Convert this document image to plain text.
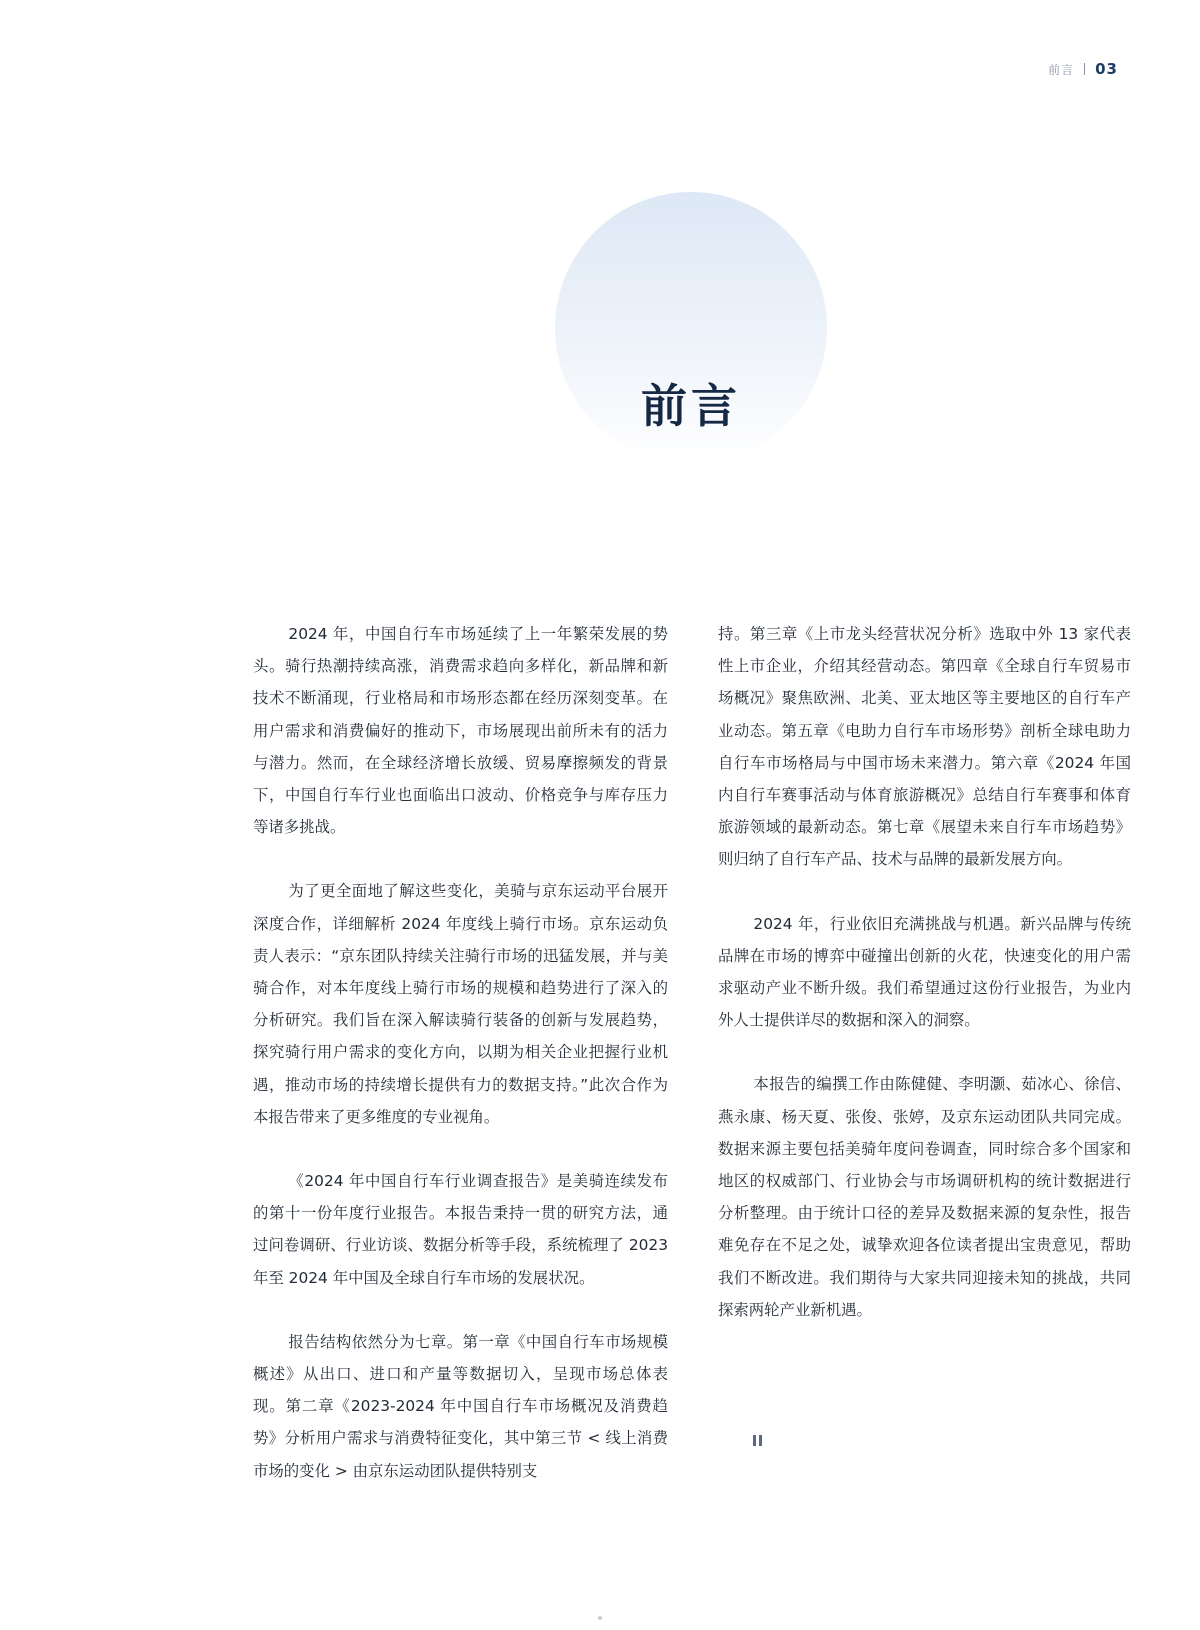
前言 03
前言

2024 年，中国自行车市场延续了上一年繁荣发展的势头。骑行热潮持续高涨，消费需求趋向多样化，新品牌和新技术不断涌现，行业格局和市场形态都在经历深刻变革。在用户需求和消费偏好的推动下，市场展现出前所未有的活力与潜力。然而，在全球经济增长放缓、贸易摩擦频发的背景下，中国自行车行业也面临出口波动、价格竞争与库存压力等诸多挑战。

为了更全面地了解这些变化，美骑与京东运动平台展开深度合作，详细解析 2024 年度线上骑行市场。京东运动负责人表示：“京东团队持续关注骑行市场的迅猛发展，并与美骑合作，对本年度线上骑行市场的规模和趋势进行了深入的分析研究。我们旨在深入解读骑行装备的创新与发展趋势，探究骑行用户需求的变化方向，以期为相关企业把握行业机遇，推动市场的持续增长提供有力的数据支持。”此次合作为本报告带来了更多维度的专业视角。

《2024 年中国自行车行业调查报告》是美骑连续发布的第十一份年度行业报告。本报告秉持一贯的研究方法，通过问卷调研、行业访谈、数据分析等手段，系统梳理了 2023 年至 2024 年中国及全球自行车市场的发展状况。

报告结构依然分为七章。第一章《中国自行车市场规模概述》从出口、进口和产量等数据切入，呈现市场总体表现。第二章《2023-2024 年中国自行车市场概况及消费趋势》分析用户需求与消费特征变化，其中第三节 < 线上消费市场的变化 > 由京东运动团队提供特别支

持。第三章《上市龙头经营状况分析》选取中外 13 家代表性上市企业，介绍其经营动态。第四章《全球自行车贸易市场概况》聚焦欧洲、北美、亚太地区等主要地区的自行车产业动态。第五章《电助力自行车市场形势》剖析全球电助力自行车市场格局与中国市场未来潜力。第六章《2024 年国内自行车赛事活动与体育旅游概况》总结自行车赛事和体育旅游领域的最新动态。第七章《展望未来自行车市场趋势》则归纳了自行车产品、技术与品牌的最新发展方向。

2024 年，行业依旧充满挑战与机遇。新兴品牌与传统品牌在市场的博弈中碰撞出创新的火花，快速变化的用户需求驱动产业不断升级。我们希望通过这份行业报告，为业内外人士提供详尽的数据和深入的洞察。

本报告的编撰工作由陈健健、李明灏、茹冰心、徐信、燕永康、杨天夏、张俊、张婷，及京东运动团队共同完成。数据来源主要包括美骑年度问卷调查，同时综合多个国家和地区的权威部门、行业协会与市场调研机构的统计数据进行分析整理。由于统计口径的差异及数据来源的复杂性，报告难免存在不足之处，诚挚欢迎各位读者提出宝贵意见，帮助我们不断改进。我们期待与大家共同迎接未知的挑战，共同探索两轮产业新机遇。
